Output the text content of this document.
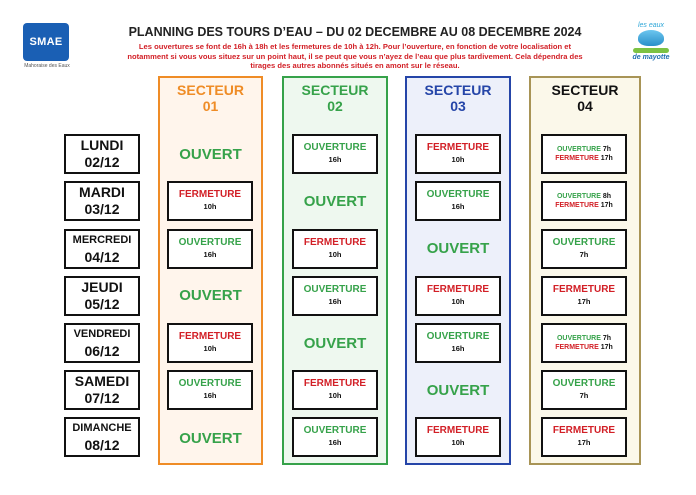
SMAE
Mahoraise des Eaux
les eaux
de mayotte
PLANNING DES TOURS D’EAU – DU 02 DECEMBRE AU 08 DECEMBRE 2024
Les ouvertures se font de 16h à 18h et les fermetures de 10h à 12h. Pour l’ouverture, en fonction de votre localisation et
notamment si vous vous situez sur un point haut, il se peut que vous n’ayez de l’eau que plus tardivement. Cela dépendra des
tirages des autres abonnés situés en amont sur le réseau.
SECTEUR
01
SECTEUR
02
SECTEUR
03
SECTEUR
04
LUNDI
02/12
MARDI
03/12
MERCREDI
04/12
JEUDI
05/12
VENDREDI
06/12
SAMEDI
07/12
DIMANCHE
08/12
OUVERT
FERMETURE
10h
OUVERTURE
16h
OUVERT
FERMETURE
10h
OUVERTURE
16h
OUVERT
OUVERTURE
16h
OUVERT
FERMETURE
10h
OUVERTURE
16h
OUVERT
FERMETURE
10h
OUVERTURE
16h
FERMETURE
10h
OUVERTURE
16h
OUVERT
FERMETURE
10h
OUVERTURE
16h
OUVERT
FERMETURE
10h
OUVERTURE 7h
FERMETURE 17h
OUVERTURE 8h
FERMETURE 17h
OUVERTURE
7h
FERMETURE
17h
OUVERTURE 7h
FERMETURE 17h
OUVERTURE
7h
FERMETURE
17h
